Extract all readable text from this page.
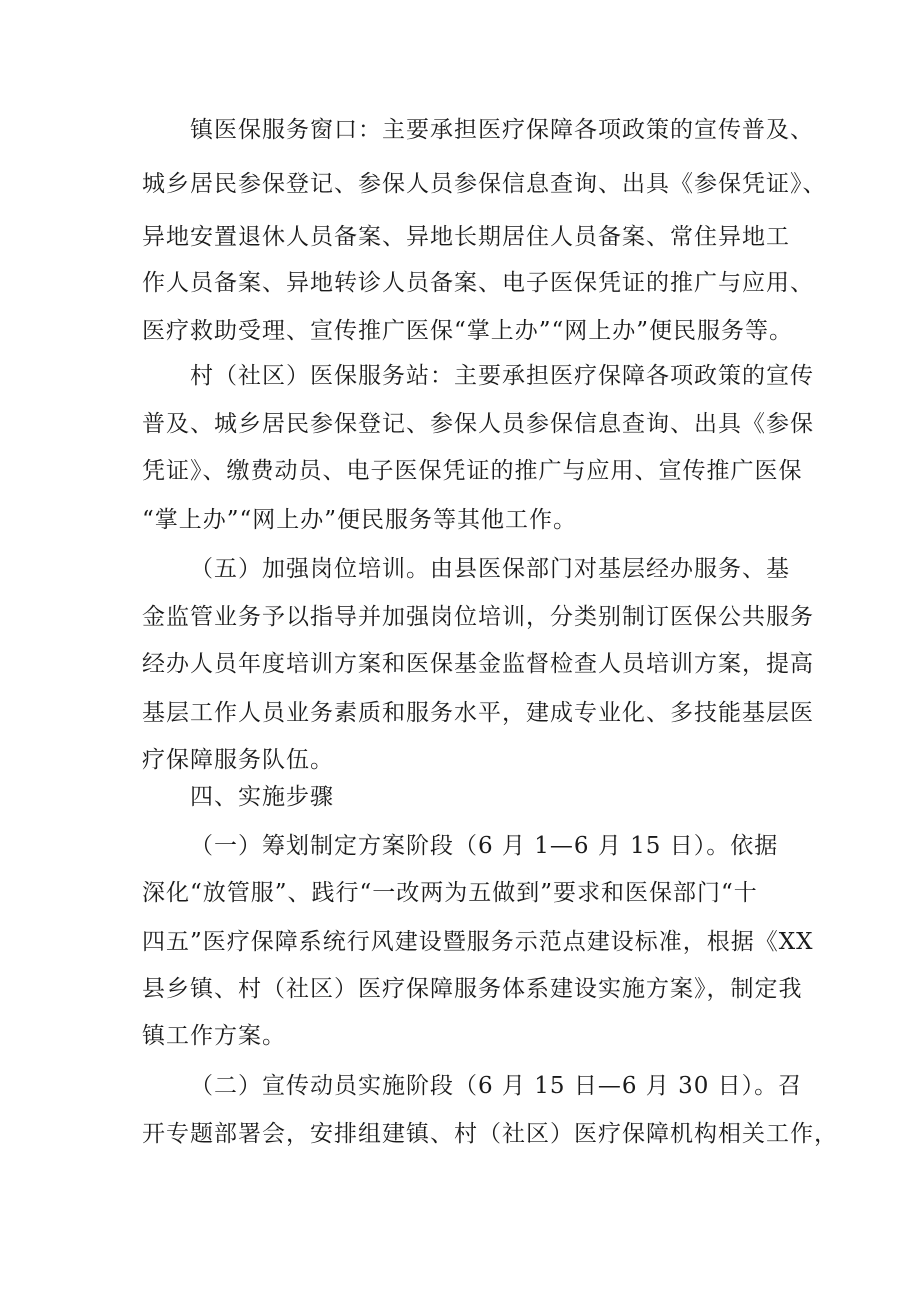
镇医保服务窗口：主要承担医疗保障各项政策的宣传普及、

城乡居民参保登记、参保人员参保信息查询、出具《参保凭证》、

异地安置退休人员备案、异地长期居住人员备案、常住异地工

作人员备案、异地转诊人员备案、电子医保凭证的推广与应用、

医疗救助受理、宣传推广医保“掌上办”“网上办”便民服务等。

村（社区）医保服务站：主要承担医疗保障各项政策的宣传

普及、城乡居民参保登记、参保人员参保信息查询、出具《参保

凭证》、缴费动员、电子医保凭证的推广与应用、宣传推广医保

“掌上办”“网上办”便民服务等其他工作。

（五）加强岗位培训。由县医保部门对基层经办服务、基

金监管业务予以指导并加强岗位培训，分类别制订医保公共服务

经办人员年度培训方案和医保基金监督检查人员培训方案，提高

基层工作人员业务素质和服务水平，建成专业化、多技能基层医

疗保障服务队伍。

四、实施步骤

（一）筹划制定方案阶段（6 月 1—6 月 15 日）。依据

深化“放管服”、践行“一改两为五做到”要求和医保部门“十

四五”医疗保障系统行风建设暨服务示范点建设标准，根据《XX

县乡镇、村（社区）医疗保障服务体系建设实施方案》，制定我

镇工作方案。

（二）宣传动员实施阶段（6 月 15 日—6 月 30 日）。召

开专题部署会，安排组建镇、村（社区）医疗保障机构相关工作，
